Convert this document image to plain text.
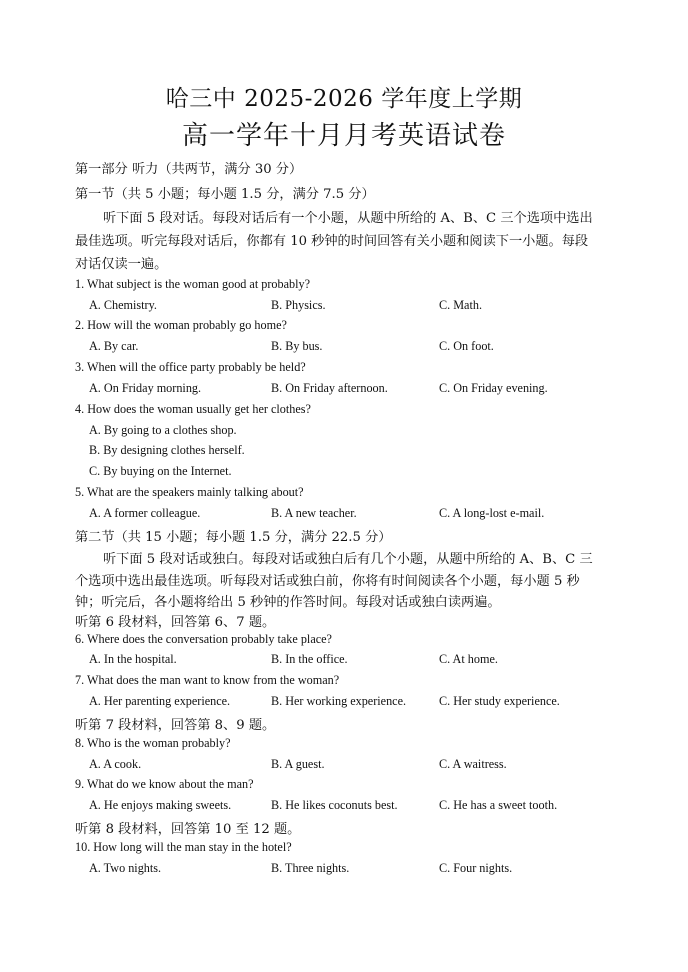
哈三中 2025-2026 学年度上学期
高一学年十月月考英语试卷
第一部分 听力（共两节，满分 30 分）
第一节（共 5 小题；每小题 1.5 分，满分 7.5 分）
听下面 5 段对话。每段对话后有一个小题，从题中所给的 A、B、C 三个选项中选出
最佳选项。听完每段对话后，你都有 10 秒钟的时间回答有关小题和阅读下一小题。每段
对话仅读一遍。
1. What subject is the woman good at probably?
A. Chemistry.	B. Physics.	C. Math.
2. How will the woman probably go home?
A. By car.	B. By bus.	C. On foot.
3. When will the office party probably be held?
A. On Friday morning.	B. On Friday afternoon.	C. On Friday evening.
4. How does the woman usually get her clothes?
A. By going to a clothes shop.
B. By designing clothes herself.
C. By buying on the Internet.
5. What are the speakers mainly talking about?
A. A former colleague.	B. A new teacher.	C. A long-lost e-mail.
第二节（共 15 小题；每小题 1.5 分，满分 22.5 分）
听下面 5 段对话或独白。每段对话或独白后有几个小题，从题中所给的 A、B、C 三
个选项中选出最佳选项。听每段对话或独白前，你将有时间阅读各个小题，每小题 5 秒
钟；听完后，各小题将给出 5 秒钟的作答时间。每段对话或独白读两遍。
听第 6 段材料，回答第 6、7 题。
6. Where does the conversation probably take place?
A. In the hospital.	B. In the office.	C. At home.
7. What does the man want to know from the woman?
A. Her parenting experience.	B. Her working experience.	C. Her study experience.
听第 7 段材料，回答第 8、9 题。
8. Who is the woman probably?
A. A cook.	B. A guest.	C. A waitress.
9. What do we know about the man?
A. He enjoys making sweets.	B. He likes coconuts best.	C. He has a sweet tooth.
听第 8 段材料，回答第 10 至 12 题。
10. How long will the man stay in the hotel?
A. Two nights.	B. Three nights.	C. Four nights.
